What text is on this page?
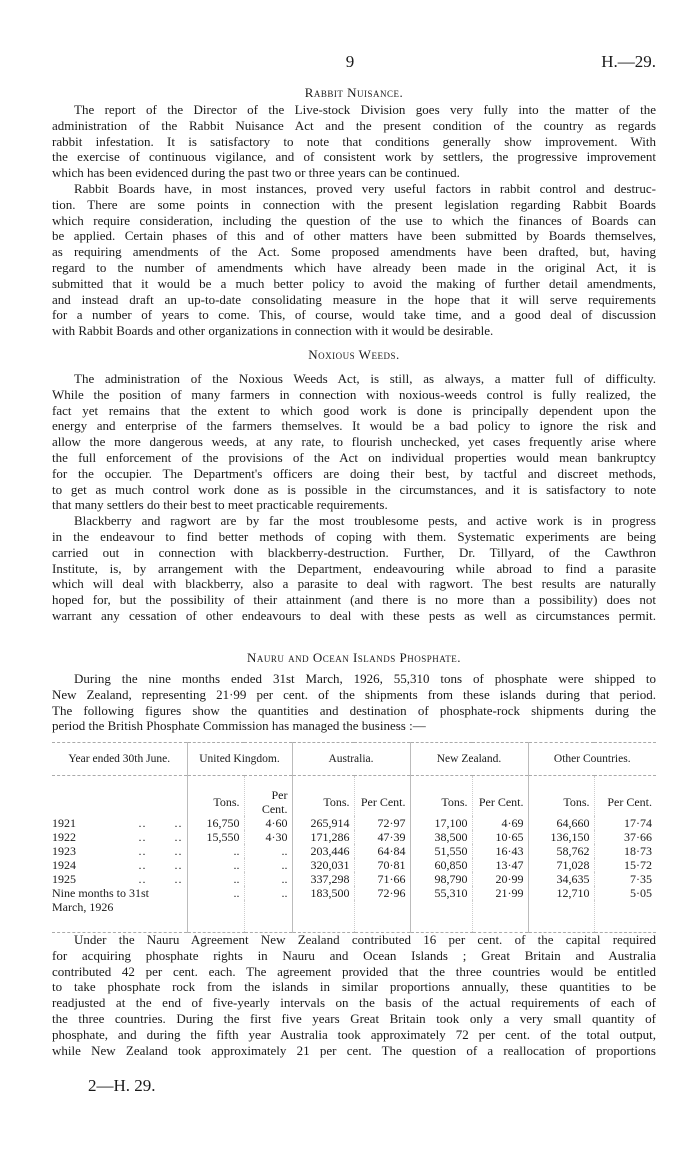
9	H.—29.
Rabbit Nuisance.
The report of the Director of the Live-stock Division goes very fully into the matter of the
administration of the Rabbit Nuisance Act and the present condition of the country as regards
rabbit infestation. It is satisfactory to note that conditions generally show improvement. With
the exercise of continuous vigilance, and of consistent work by settlers, the progressive improvement
which has been evidenced during the past two or three years can be continued.
Rabbit Boards have, in most instances, proved very useful factors in rabbit control and destruc-
tion. There are some points in connection with the present legislation regarding Rabbit Boards
which require consideration, including the question of the use to which the finances of Boards can
be applied. Certain phases of this and of other matters have been submitted by Boards themselves,
as requiring amendments of the Act. Some proposed amendments have been drafted, but, having
regard to the number of amendments which have already been made in the original Act, it is
submitted that it would be a much better policy to avoid the making of further detail amendments,
and instead draft an up-to-date consolidating measure in the hope that it will serve requirements
for a number of years to come. This, of course, would take time, and a good deal of discussion
with Rabbit Boards and other organizations in connection with it would be desirable.
Noxious Weeds.
The administration of the Noxious Weeds Act, is still, as always, a matter full of difficulty.
While the position of many farmers in connection with noxious-weeds control is fully realized, the
fact yet remains that the extent to which good work is done is principally dependent upon the
energy and enterprise of the farmers themselves. It would be a bad policy to ignore the risk and
allow the more dangerous weeds, at any rate, to flourish unchecked, yet cases frequently arise where
the full enforcement of the provisions of the Act on individual properties would mean bankruptcy
for the occupier. The Department's officers are doing their best, by tactful and discreet methods,
to get as much control work done as is possible in the circumstances, and it is satisfactory to note
that many settlers do their best to meet practicable requirements.
Blackberry and ragwort are by far the most troublesome pests, and active work is in progress
in the endeavour to find better methods of coping with them. Systematic experiments are being
carried out in connection with blackberry-destruction. Further, Dr. Tillyard, of the Cawthron
Institute, is, by arrangement with the Department, endeavouring while abroad to find a parasite
which will deal with blackberry, also a parasite to deal with ragwort. The best results are naturally
hoped for, but the possibility of their attainment (and there is no more than a possibility) does not
warrant any cessation of other endeavours to deal with these pests as well as circumstances permit.
Nauru and Ocean Islands Phosphate.
During the nine months ended 31st March, 1926, 55,310 tons of phosphate were shipped to
New Zealand, representing 21·99 per cent. of the shipments from these islands during that period.
The following figures show the quantities and destination of phosphate-rock shipments during the
period the British Phosphate Commission has managed the business :—
Year ended 30th June.	United Kingdom.		Australia.		New Zealand.		Other Countries.	
	Tons.	Per Cent.	Tons.	Per Cent.	Tons.	Per Cent.	Tons.	Per Cent.
1921 ..       ..	16,750	4·60	265,914	72·97	17,100	4·69	64,660	17·74
1922 ..       ..	15,550	4·30	171,286	47·39	38,500	10·65	136,150	37·66
1923 ..       ..	..	..	203,446	64·84	51,550	16·43	58,762	18·73
1924 ..       ..	..	..	320,031	70·81	60,850	13·47	71,028	15·72
1925 ..       ..	..	..	337,298	71·66	98,790	20·99	34,635	7·35
Nine months to 31st	..	..	183,500	72·96	55,310	21·99	12,710	5·05
March, 1926								
Under the Nauru Agreement New Zealand contributed 16 per cent. of the capital required
for acquiring phosphate rights in Nauru and Ocean Islands ; Great Britain and Australia
contributed 42 per cent. each. The agreement provided that the three countries would be entitled
to take phosphate rock from the islands in similar proportions annually, these quantities to be
readjusted at the end of five-yearly intervals on the basis of the actual requirements of each of
the three countries. During the first five years Great Britain took only a very small quantity of
phosphate, and during the fifth year Australia took approximately 72 per cent. of the total output,
while New Zealand took approximately 21 per cent. The question of a reallocation of proportions
2—H. 29.
